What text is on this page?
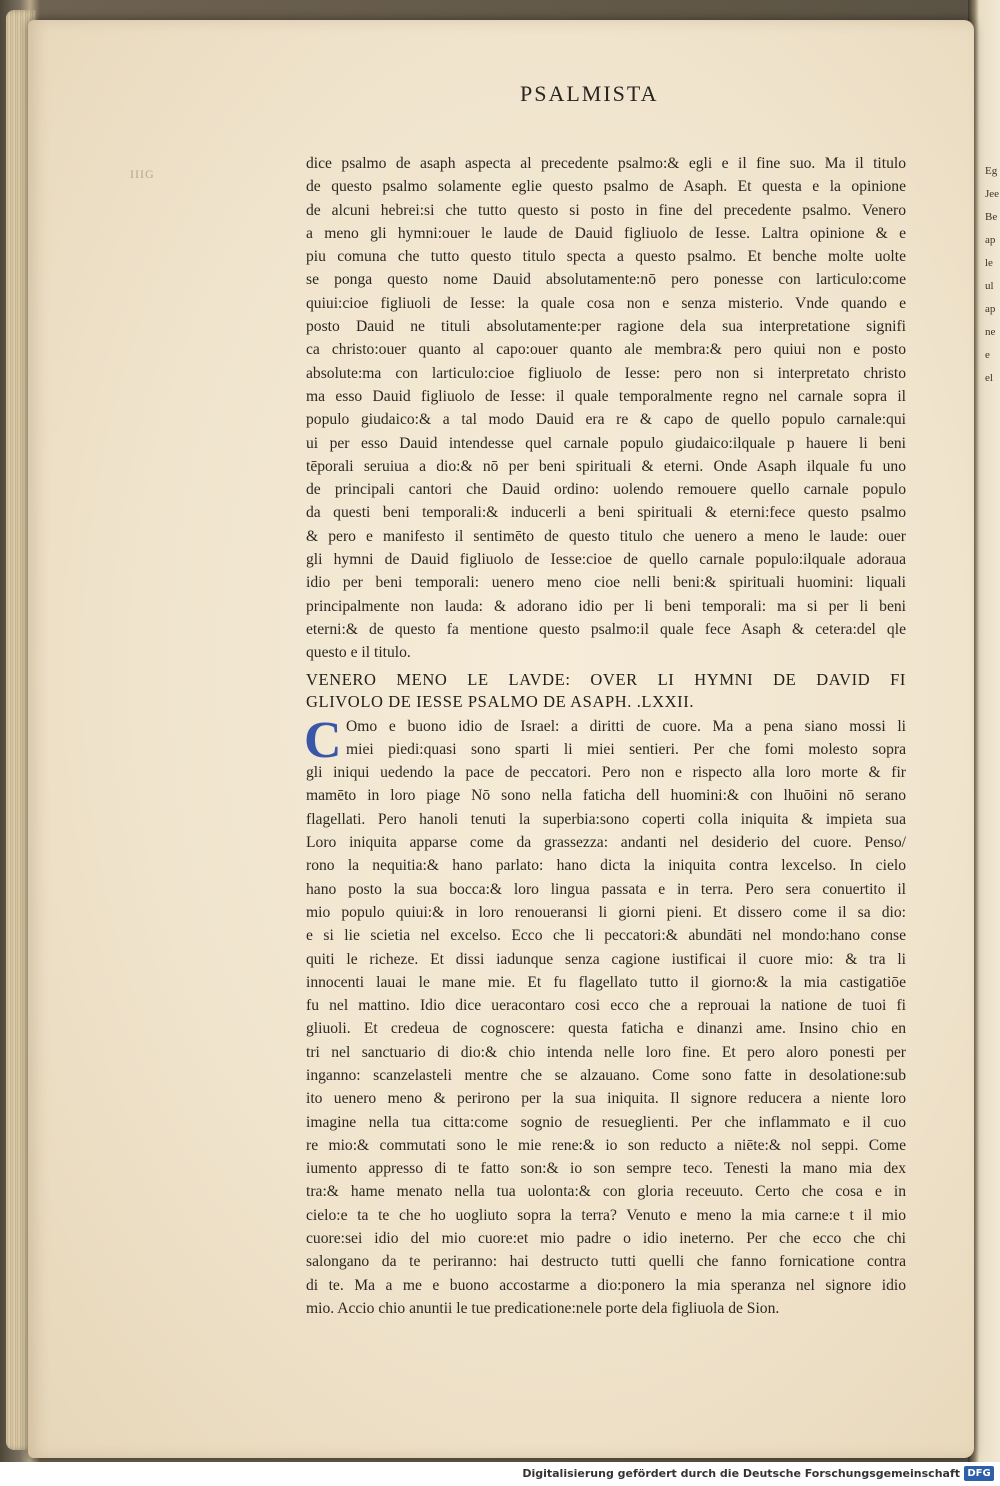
PSALMISTA
IIIG
dice psalmo de asaph aspecta al precedente psalmo:& egli e il fine suo. Ma il titulo
de questo psalmo solamente eglie questo psalmo de Asaph. Et questa e la opinione
de alcuni hebrei:si che tutto questo si posto in fine del precedente psalmo. Venero
a meno gli hymni:ouer le laude de Dauid figliuolo de Iesse. Laltra opinione & e
piu comuna che tutto questo titulo specta a questo psalmo. Et benche molte uolte
se ponga questo nome Dauid absolutamente:nō pero ponesse con larticulo:come
quiui:cioe figliuoli de Iesse: la quale cosa non e senza misterio. Vnde quando e
posto Dauid ne tituli absolutamente:per ragione dela sua interpretatione signifi
ca christo:ouer quanto al capo:ouer quanto ale membra:& pero quiui non e posto
absolute:ma con larticulo:cioe figliuolo de Iesse: pero non si interpretato christo
ma esso Dauid figliuolo de Iesse: il quale temporalmente regno nel carnale sopra il
populo giudaico:& a tal modo Dauid era re & capo de quello populo carnale:qui
ui per esso Dauid intendesse quel carnale populo giudaico:ilquale p hauere li beni
tēporali seruiua a dio:& nō per beni spirituali & eterni. Onde Asaph ilquale fu uno
de principali cantori che Dauid ordino: uolendo remouere quello carnale populo
da questi beni temporali:& inducerli a beni spirituali & eterni:fece questo psalmo
& pero e manifesto il sentimēto de questo titulo che uenero a meno le laude: ouer
gli hymni de Dauid figliuolo de Iesse:cioe de quello carnale populo:ilquale adoraua
idio per beni temporali: uenero meno cioe nelli beni:& spirituali huomini: liquali
principalmente non lauda: & adorano idio per li beni temporali: ma si per li beni
eterni:& de questo fa mentione questo psalmo:il quale fece Asaph & cetera:del qle
questo e il titulo.
VENERO MENO LE LAVDE: OVER LI HYMNI DE DAVID FI
GLIVOLO DE IESSE PSALMO DE ASAPH. .LXXII.
C Omo e buono idio de Israel: a diritti de cuore. Ma a pena siano mossi li
miei piedi:quasi sono sparti li miei sentieri. Per che fomi molesto sopra
gli iniqui uedendo la pace de peccatori. Pero non e rispecto alla loro morte & fir
mamēto in loro piage Nō sono nella faticha dell huomini:& con lhuōini nō serano
flagellati. Pero hanoli tenuti la superbia:sono coperti colla iniquita & impieta sua
Loro iniquita apparse come da grassezza: andanti nel desiderio del cuore. Penso/
rono la nequitia:& hano parlato: hano dicta la iniquita contra lexcelso. In cielo
hano posto la sua bocca:& loro lingua passata e in terra. Pero sera conuertito il
mio populo quiui:& in loro renoueransi li giorni pieni. Et dissero come il sa dio:
e si lie scietia nel excelso. Ecco che li peccatori:& abundāti nel mondo:hano conse
quiti le richeze. Et dissi iadunque senza cagione iustificai il cuore mio: & tra li
innocenti lauai le mane mie. Et fu flagellato tutto il giorno:& la mia castigatiōe
fu nel mattino. Idio dice ueracontaro cosi ecco che a reprouai la natione de tuoi fi
gliuoli. Et credeua de cognoscere: questa faticha e dinanzi ame. Insino chio en
tri nel sanctuario di dio:& chio intenda nelle loro fine. Et pero aloro ponesti per
inganno: scanzelasteli mentre che se alzauano. Come sono fatte in desolatione:sub
ito uenero meno & perirono per la sua iniquita. Il signore reducera a niente loro
imagine nella tua citta:come sognio de resueglienti. Per che inflammato e il cuo
re mio:& commutati sono le mie rene:& io son reducto a niēte:& nol seppi. Come
iumento appresso di te fatto son:& io son sempre teco. Tenesti la mano mia dex
tra:& hame menato nella tua uolonta:& con gloria receuuto. Certo che cosa e in
cielo:e ta te che ho uogliuto sopra la terra? Venuto e meno la mia carne:e t il mio
cuore:sei idio del mio cuore:et mio padre o idio ineterno. Per che ecco che chi
salongano da te periranno: hai destructo tutti quelli che fanno fornicatione contra
di te. Ma a me e buono accostarme a dio:ponero la mia speranza nel signore idio
mio. Accio chio anuntii le tue predicatione:nele porte dela figliuola de Sion.
Eg
Jee
Be
ap
le
ul
ap
ne
e
el
Digitalisierung gefördert durch die Deutsche Forschungsgemeinschaft DFG
